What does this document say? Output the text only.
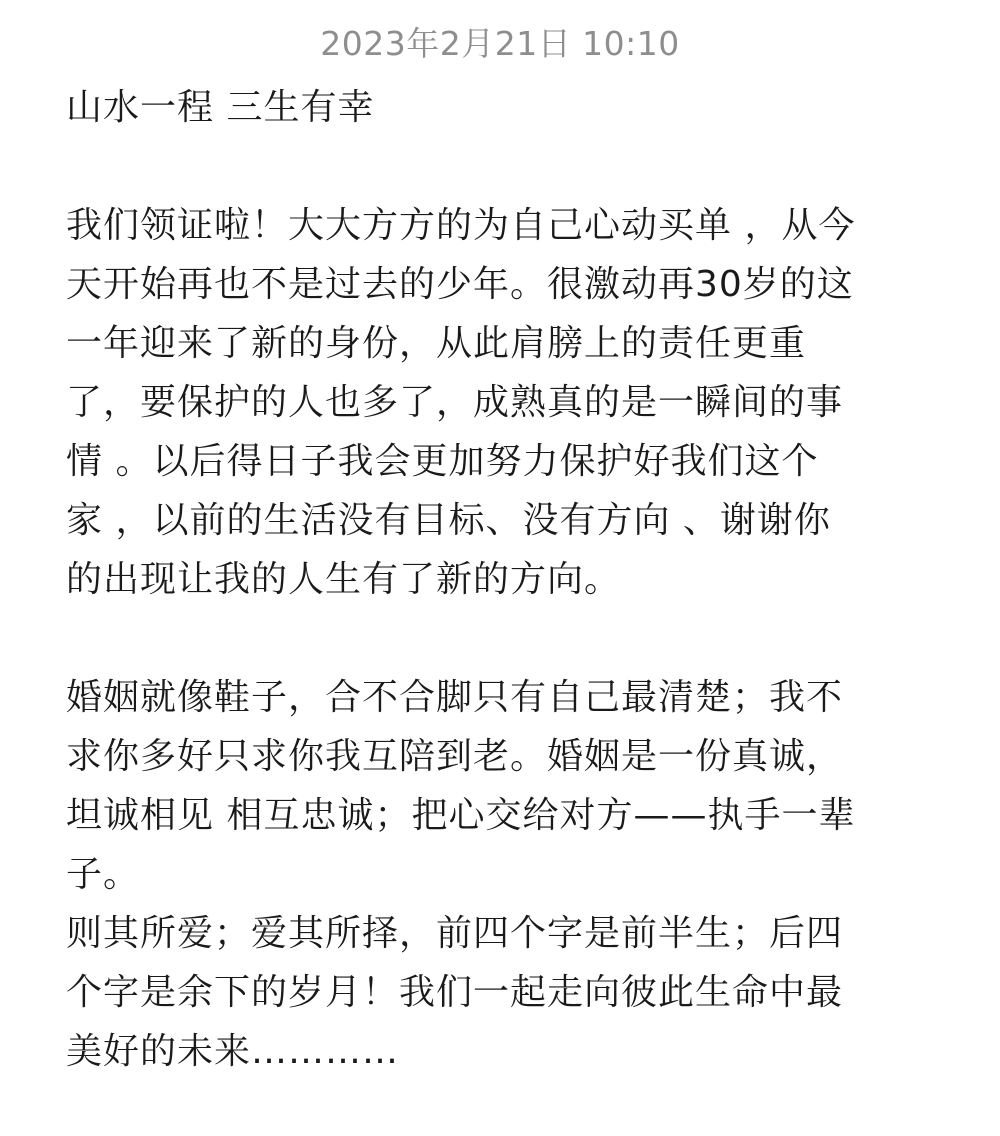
2023年2月21日 10:10
山水一程 三生有幸
我们领证啦！大大方方的为自己心动买单 ，从今
天开始再也不是过去的少年。很激动再30岁的这
一年迎来了新的身份，从此肩膀上的责任更重
了，要保护的人也多了，成熟真的是一瞬间的事
情 。以后得日子我会更加努力保护好我们这个
家 ，以前的生活没有目标、没有方向 、谢谢你
的出现让我的人生有了新的方向。
婚姻就像鞋子，合不合脚只有自己最清楚；我不
求你多好只求你我互陪到老。婚姻是一份真诚，
坦诚相见 相互忠诚；把心交给对方——执手一辈
子。
则其所爱；爱其所择，前四个字是前半生；后四
个字是余下的岁月！我们一起走向彼此生命中最
美好的未来…………
